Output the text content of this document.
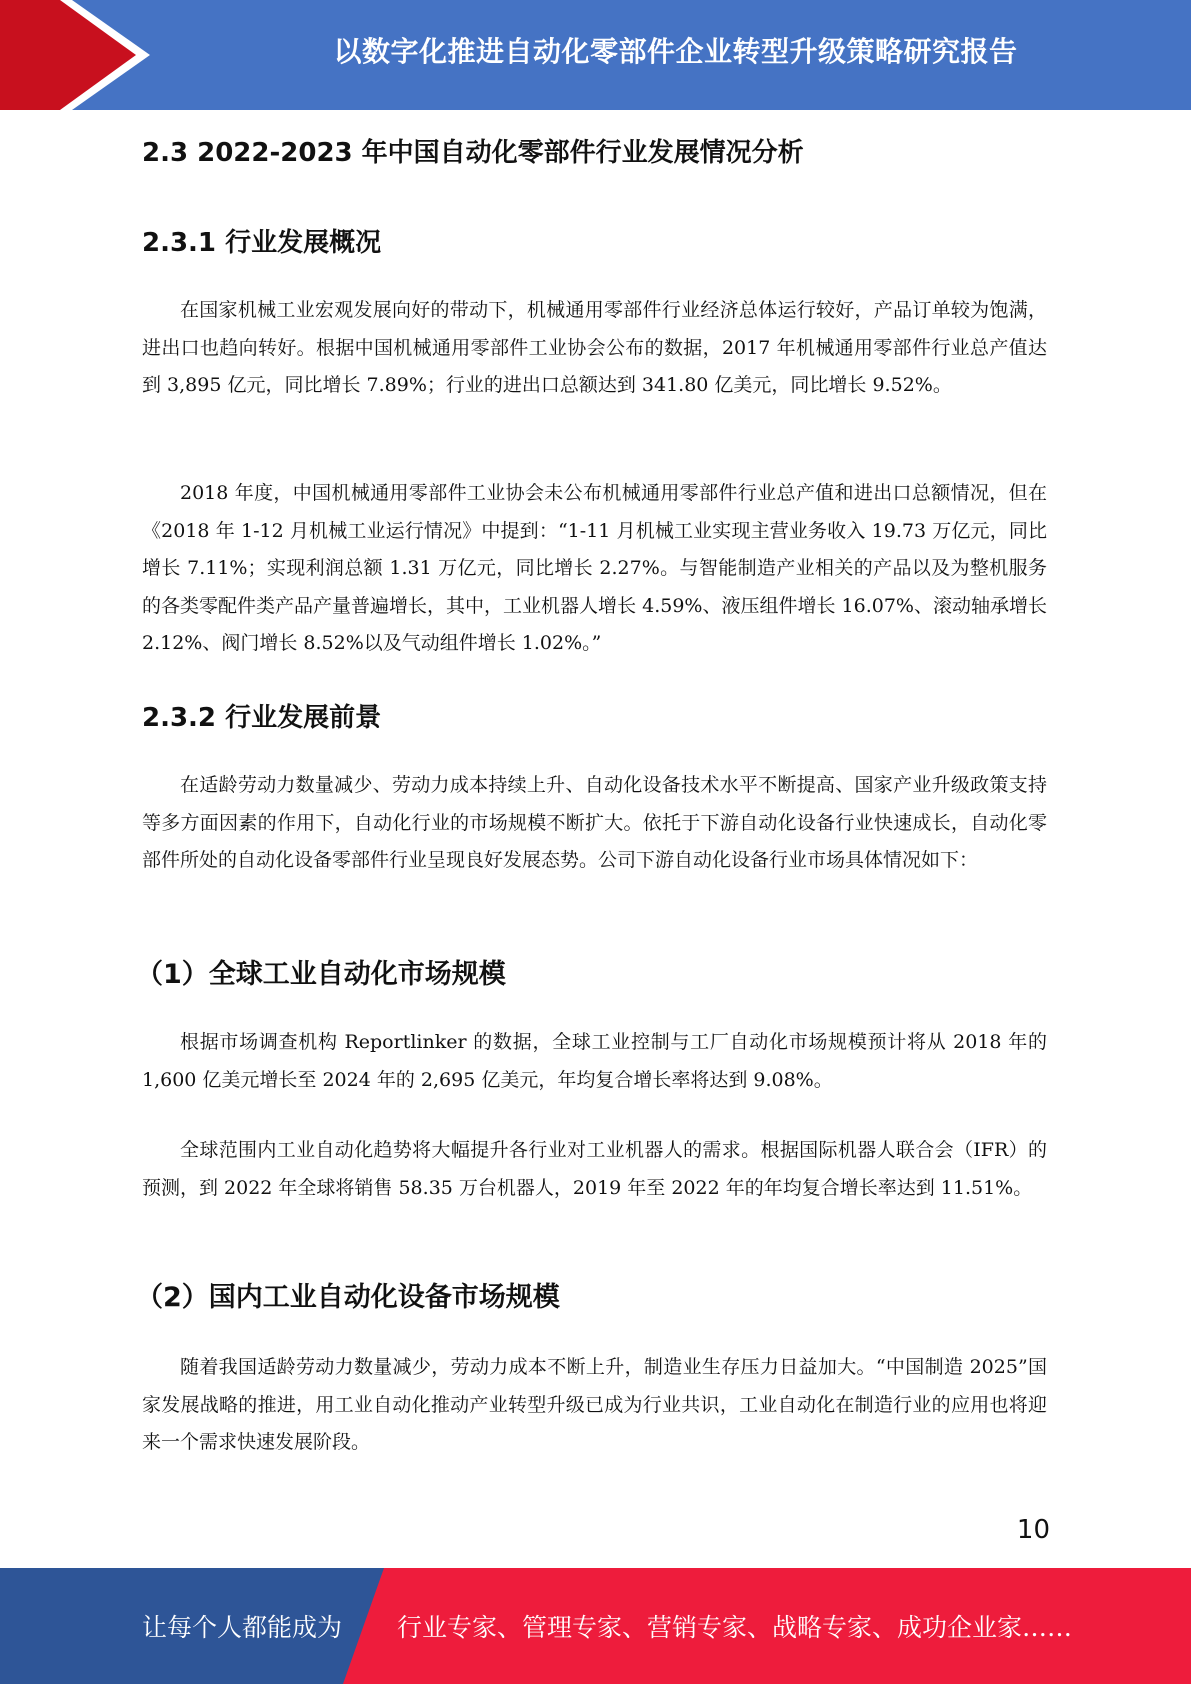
以数字化推进自动化零部件企业转型升级策略研究报告
2.3 2022-2023 年中国自动化零部件行业发展情况分析
2.3.1 行业发展概况

在国家机械工业宏观发展向好的带动下，机械通用零部件行业经济总体运行较好，产品订单较为饱满，进出口也趋向转好。根据中国机械通用零部件工业协会公布的数据，2017 年机械通用零部件行业总产值达到 3,895 亿元，同比增长 7.89%；行业的进出口总额达到 341.80 亿美元，同比增长 9.52%。

2018 年度，中国机械通用零部件工业协会未公布机械通用零部件行业总产值和进出口总额情况，但在《2018 年 1-12 月机械工业运行情况》中提到：“1-11 月机械工业实现主营业务收入 19.73 万亿元，同比增长 7.11%；实现利润总额 1.31 万亿元，同比增长 2.27%。与智能制造产业相关的产品以及为整机服务的各类零配件类产品产量普遍增长，其中，工业机器人增长 4.59%、液压组件增长 16.07%、滚动轴承增长 2.12%、阀门增长 8.52%以及气动组件增长 1.02%。”

2.3.2 行业发展前景

在适龄劳动力数量减少、劳动力成本持续上升、自动化设备技术水平不断提高、国家产业升级政策支持等多方面因素的作用下，自动化行业的市场规模不断扩大。依托于下游自动化设备行业快速成长，自动化零部件所处的自动化设备零部件行业呈现良好发展态势。公司下游自动化设备行业市场具体情况如下：

（1）全球工业自动化市场规模

根据市场调查机构 Reportlinker 的数据，全球工业控制与工厂自动化市场规模预计将从 2018 年的 1,600 亿美元增长至 2024 年的 2,695 亿美元，年均复合增长率将达到 9.08%。

全球范围内工业自动化趋势将大幅提升各行业对工业机器人的需求。根据国际机器人联合会（IFR）的预测，到 2022 年全球将销售 58.35 万台机器人，2019 年至 2022 年的年均复合增长率达到 11.51%。

（2）国内工业自动化设备市场规模

随着我国适龄劳动力数量减少，劳动力成本不断上升，制造业生存压力日益加大。“中国制造 2025”国家发展战略的推进，用工业自动化推动产业转型升级已成为行业共识，工业自动化在制造行业的应用也将迎来一个需求快速发展阶段。

10
让每个人都能成为 行业专家、管理专家、营销专家、战略专家、成功企业家……
